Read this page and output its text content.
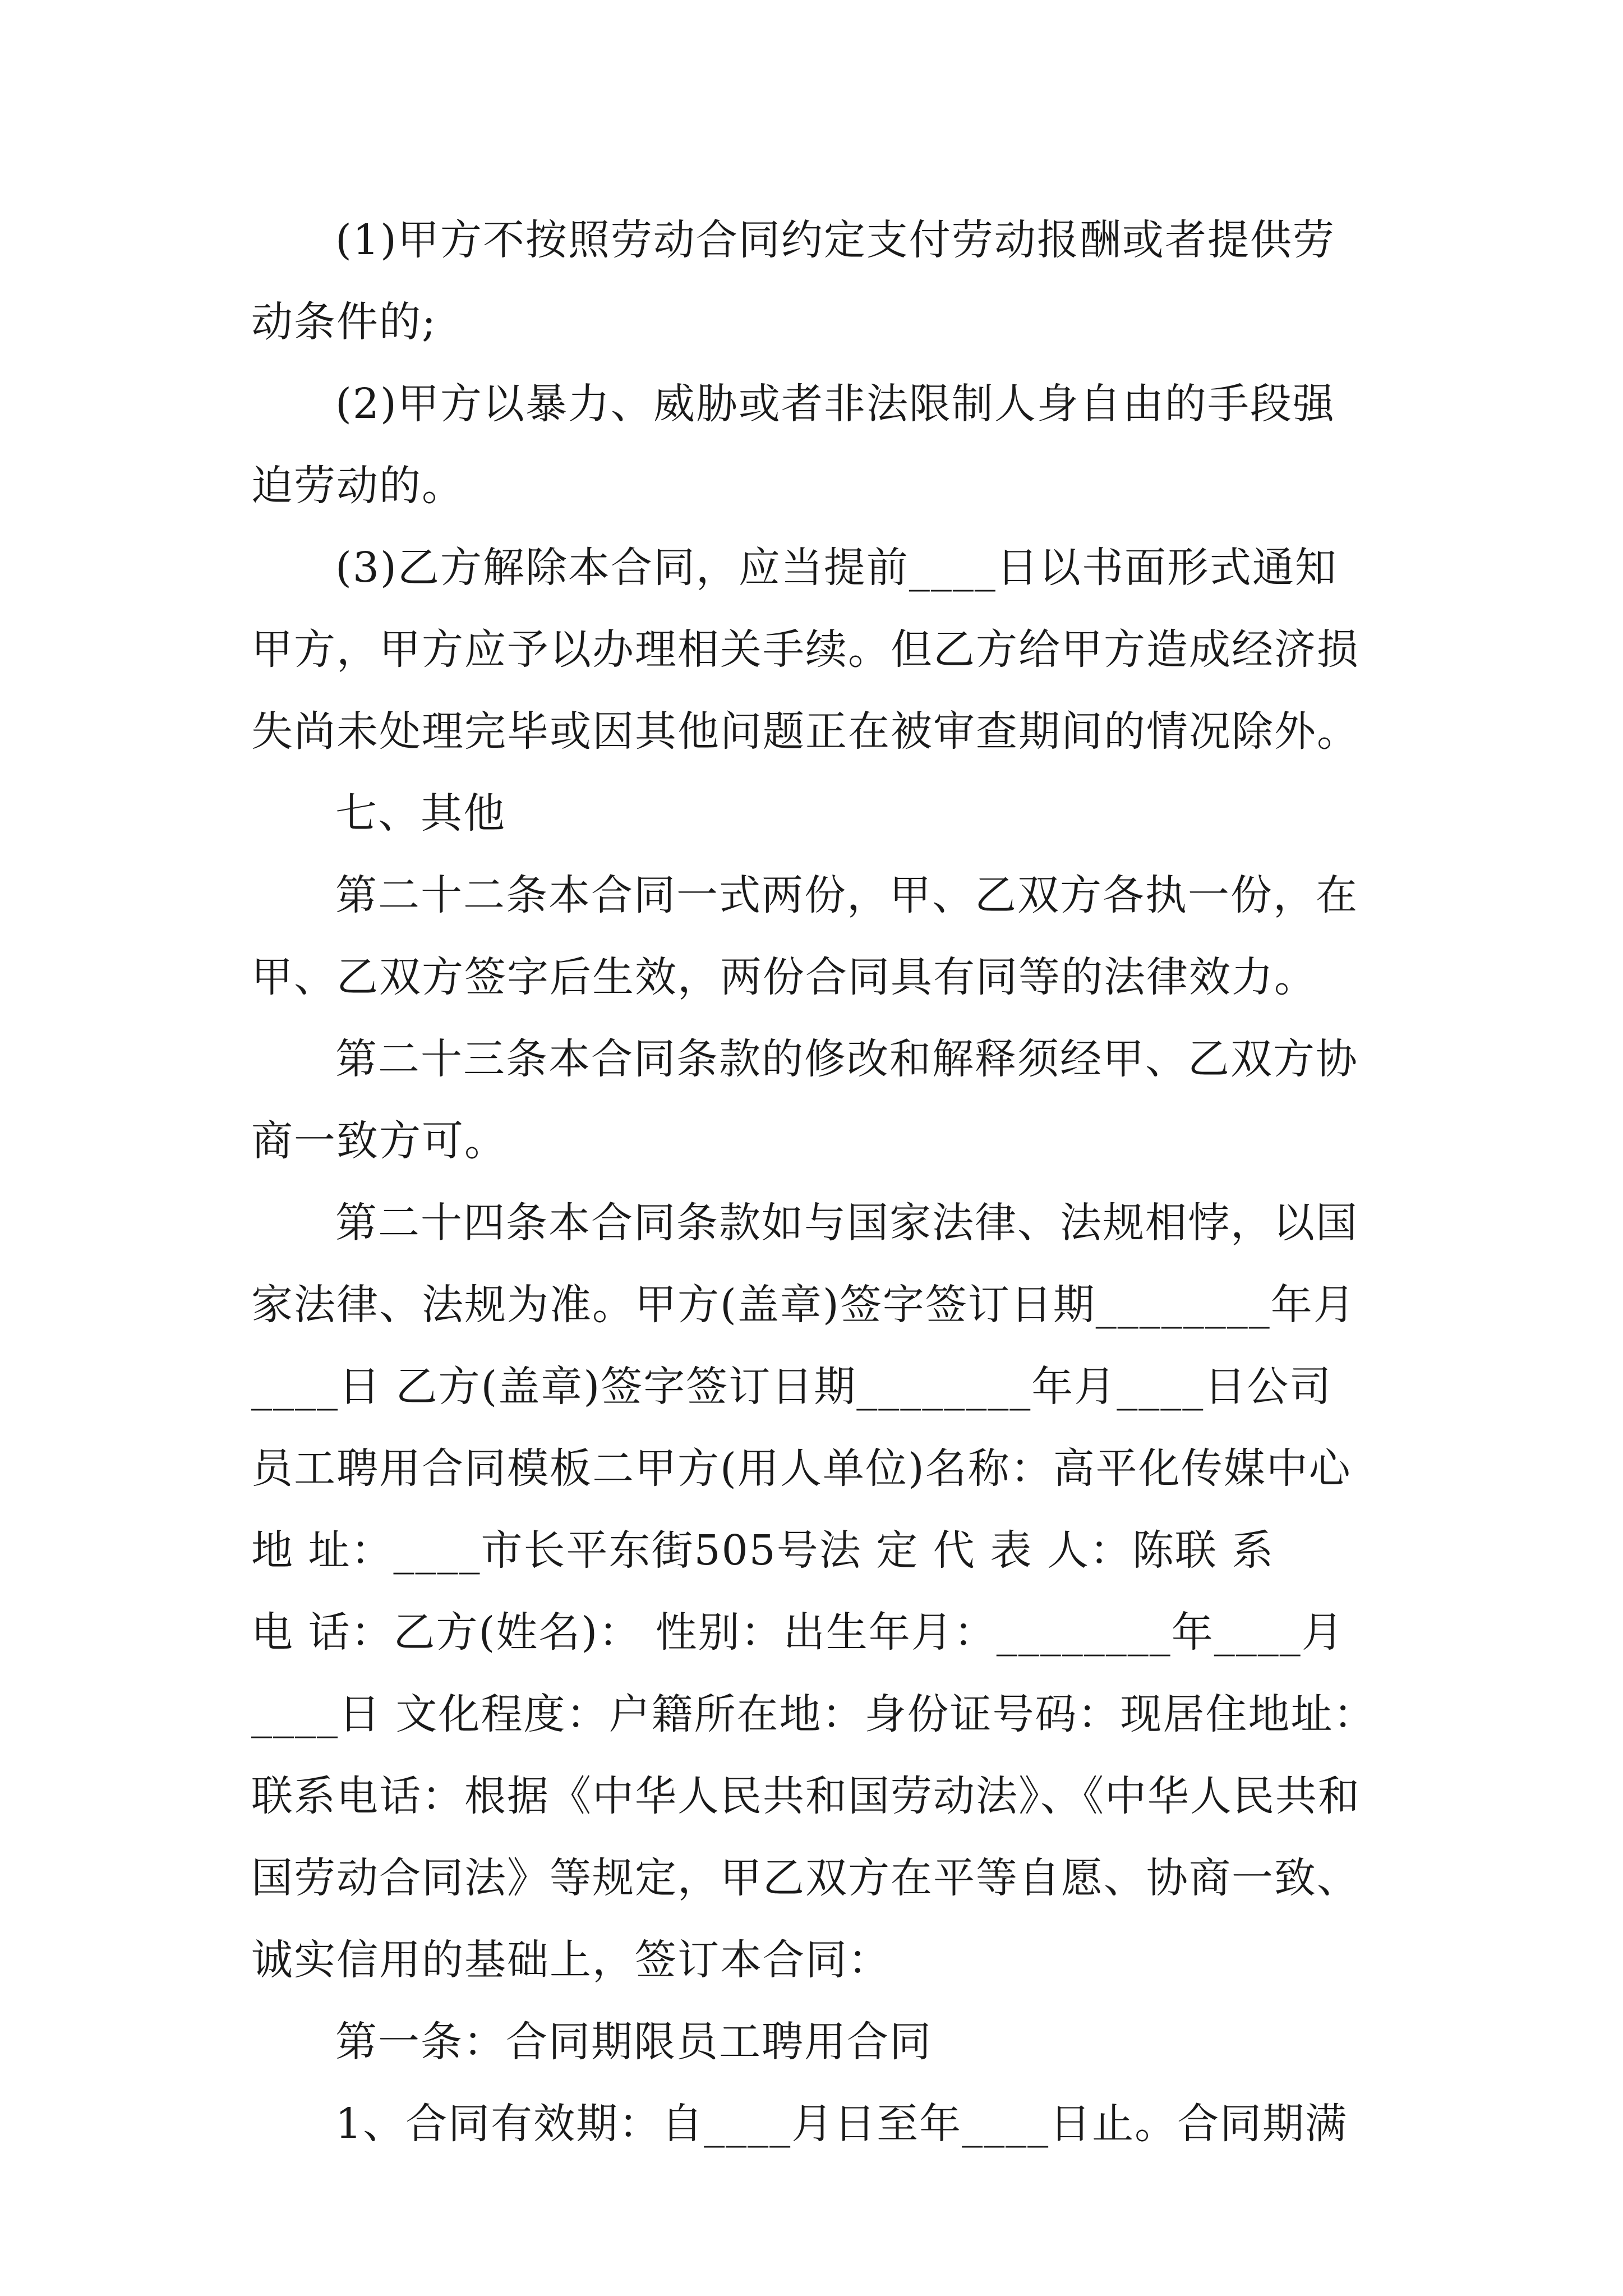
(1)甲方不按照劳动合同约定支付劳动报酬或者提供劳
动条件的;
(2)甲方以暴力、威胁或者非法限制人身自由的手段强
迫劳动的。
(3)乙方解除本合同，应当提前____日以书面形式通知
甲方，甲方应予以办理相关手续。但乙方给甲方造成经济损
失尚未处理完毕或因其他问题正在被审查期间的情况除外。
七、其他
第二十二条本合同一式两份，甲、乙双方各执一份，在
甲、乙双方签字后生效，两份合同具有同等的法律效力。
第二十三条本合同条款的修改和解释须经甲、乙双方协
商一致方可。
第二十四条本合同条款如与国家法律、法规相悖，以国
家法律、法规为准。甲方(盖章)签字签订日期________年月
____日 乙方(盖章)签字签订日期________年月____日公司
员工聘用合同模板二甲方(用人单位)名称：高平化传媒中心
地 址：____市长平东街505号法 定 代 表 人：陈联 系
电 话：乙方(姓名)： 性别：出生年月：________年____月
____日 文化程度：户籍所在地：身份证号码：现居住地址：
联系电话：根据《中华人民共和国劳动法》、《中华人民共和
国劳动合同法》等规定，甲乙双方在平等自愿、协商一致、
诚实信用的基础上，签订本合同：
第一条：合同期限员工聘用合同
1、合同有效期：自____月日至年____日止。合同期满
